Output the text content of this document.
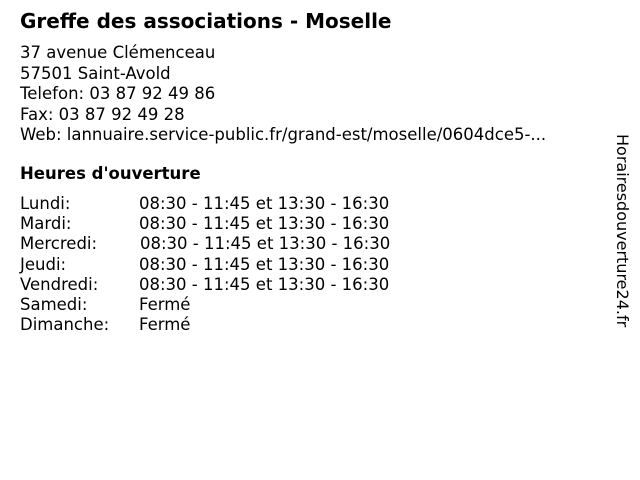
Greffe des associations - Moselle
37 avenue Clémenceau
57501 Saint-Avold
Telefon: 03 87 92 49 86
Fax: 03 87 92 49 28
Web: lannuaire.service-public.fr/grand-est/moselle/0604dce5-...
Heures d'ouverture
Lundi:	08:30 - 11:45 et 13:30 - 16:30
Mardi:	08:30 - 11:45 et 13:30 - 16:30
Mercredi:	08:30 - 11:45 et 13:30 - 16:30
Jeudi:	08:30 - 11:45 et 13:30 - 16:30
Vendredi: 08:30 - 11:45 et 13:30 - 16:30
Samedi:	Fermé
Dimanche: Fermé	Horairesdouverture24.fr
